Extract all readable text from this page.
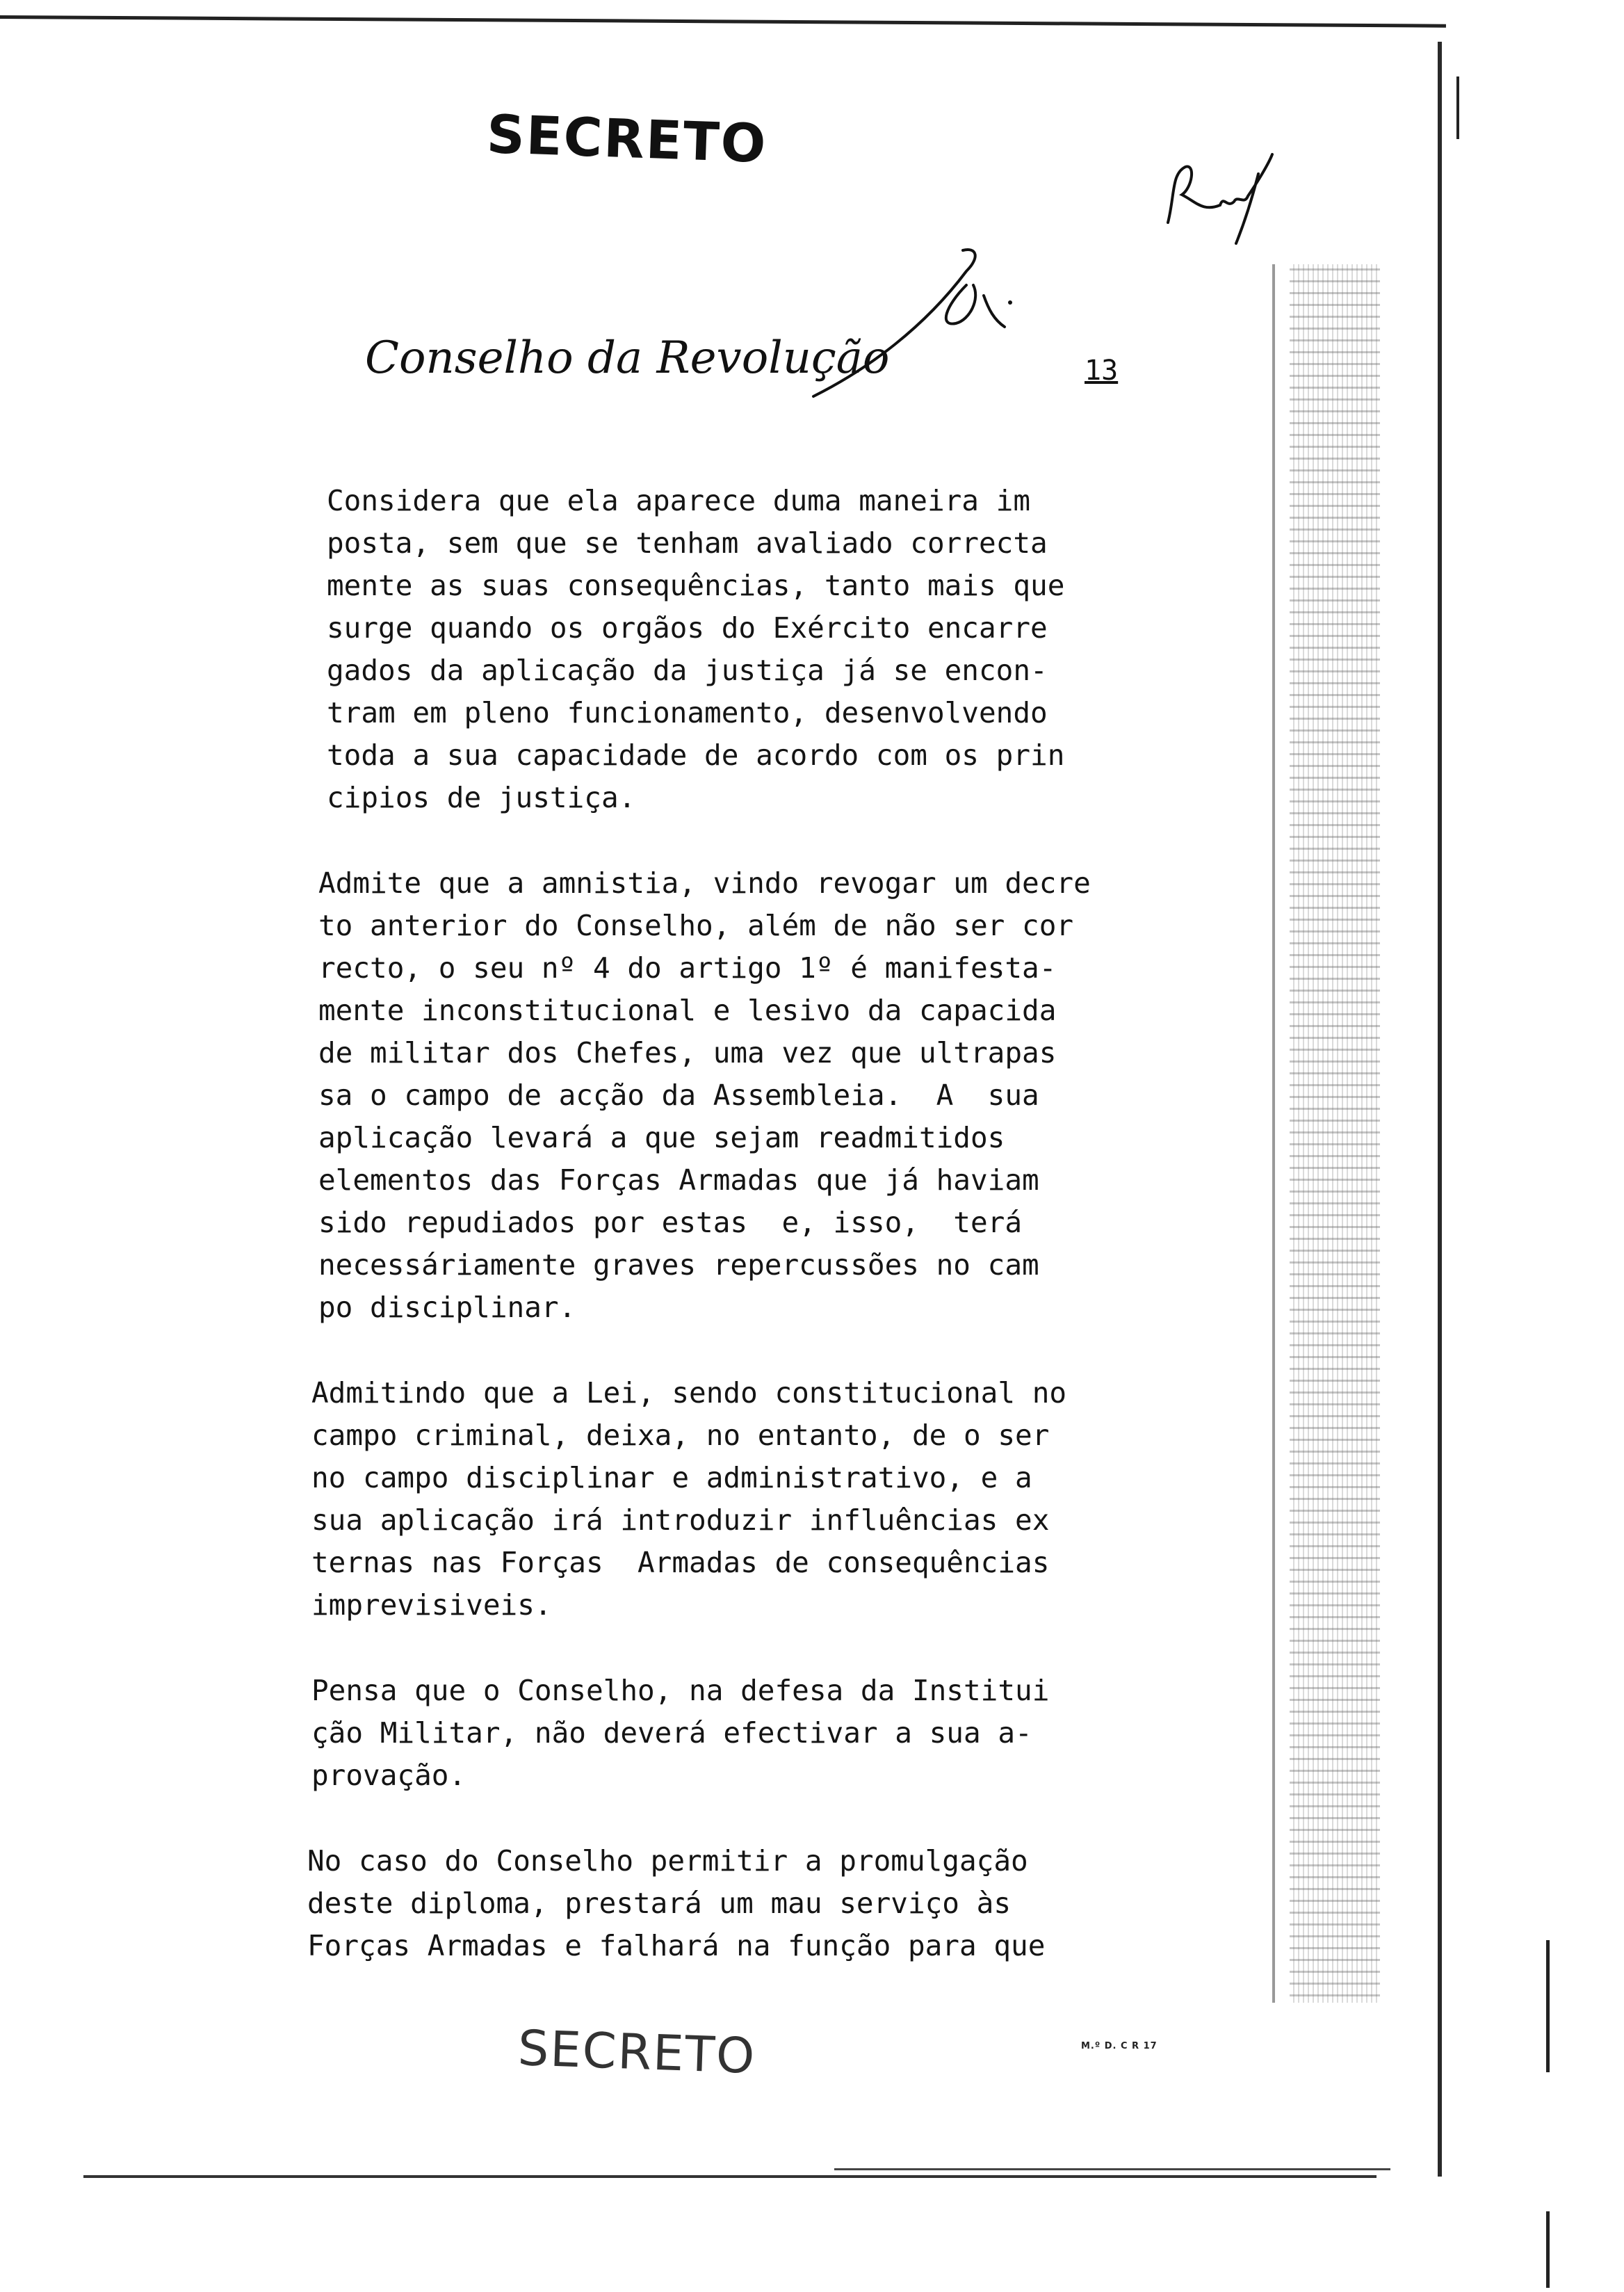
SECRETO
Conselho da Revolução	13
Considera que ela aparece duma maneira im
posta, sem que se tenham avaliado correcta
mente as suas consequências, tanto mais que
surge quando os orgãos do Exército encarre
gados da aplicação da justiça já se encon-
tram em pleno funcionamento, desenvolvendo
toda a sua capacidade de acordo com os prin
cipios de justiça.
Admite que a amnistia, vindo revogar um decre
to anterior do Conselho, além de não ser cor
recto, o seu nº 4 do artigo 1º é manifesta-
mente inconstitucional e lesivo da capacida
de militar dos Chefes, uma vez que ultrapas
sa o campo de acção da Assembleia.  A  sua
aplicação levará a que sejam readmitidos
elementos das Forças Armadas que já haviam
sido repudiados por estas  e, isso,  terá
necessáriamente graves repercussões no cam
po disciplinar.
Admitindo que a Lei, sendo constitucional no
campo criminal, deixa, no entanto, de o ser
no campo disciplinar e administrativo, e a
sua aplicação irá introduzir influências ex
ternas nas Forças  Armadas de consequências
imprevisiveis.
Pensa que o Conselho, na defesa da Institui
ção Militar, não deverá efectivar a sua a-
provação.
No caso do Conselho permitir a promulgação
deste diploma, prestará um mau serviço às
Forças Armadas e falhará na função para que
SECRETO	M.º D. C R 17
